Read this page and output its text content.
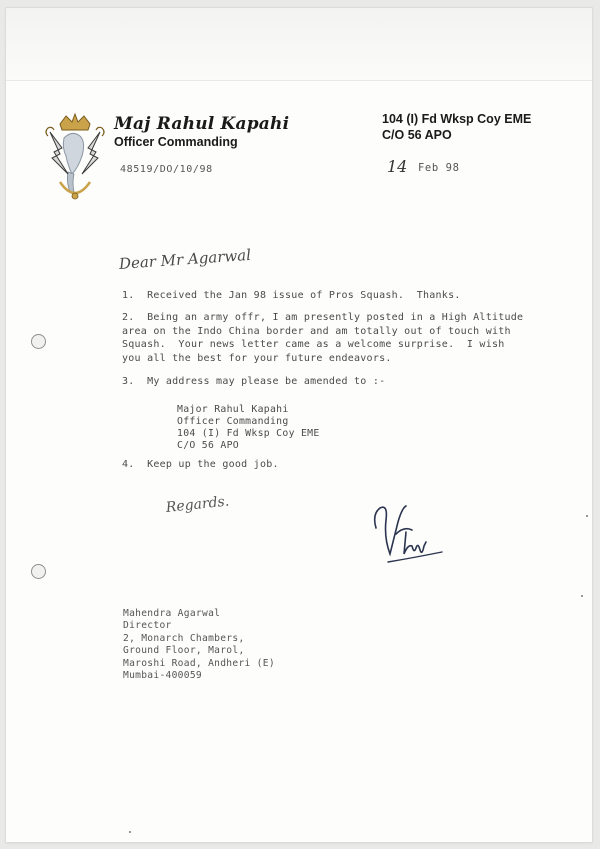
Maj Rahul Kapahi
Officer Commanding
104 (I) Fd Wksp Coy EME
C/O 56 APO
48519/DO/10/98	14 Feb 98
Dear Mr Agarwal
1.  Received the Jan 98 issue of Pros Squash.  Thanks.
2.  Being an army offr, I am presently posted in a High Altitude
area on the Indo China border and am totally out of touch with
Squash.  Your news letter came as a welcome surprise.  I wish
you all the best for your future endeavors.
3.  My address may please be amended to :-
Major Rahul Kapahi
Officer Commanding
104 (I) Fd Wksp Coy EME
C/O 56 APO
4.  Keep up the good job.
Regards.
Mahendra Agarwal
Director
2, Monarch Chambers,
Ground Floor, Marol,
Maroshi Road, Andheri (E)
Mumbai-400059
